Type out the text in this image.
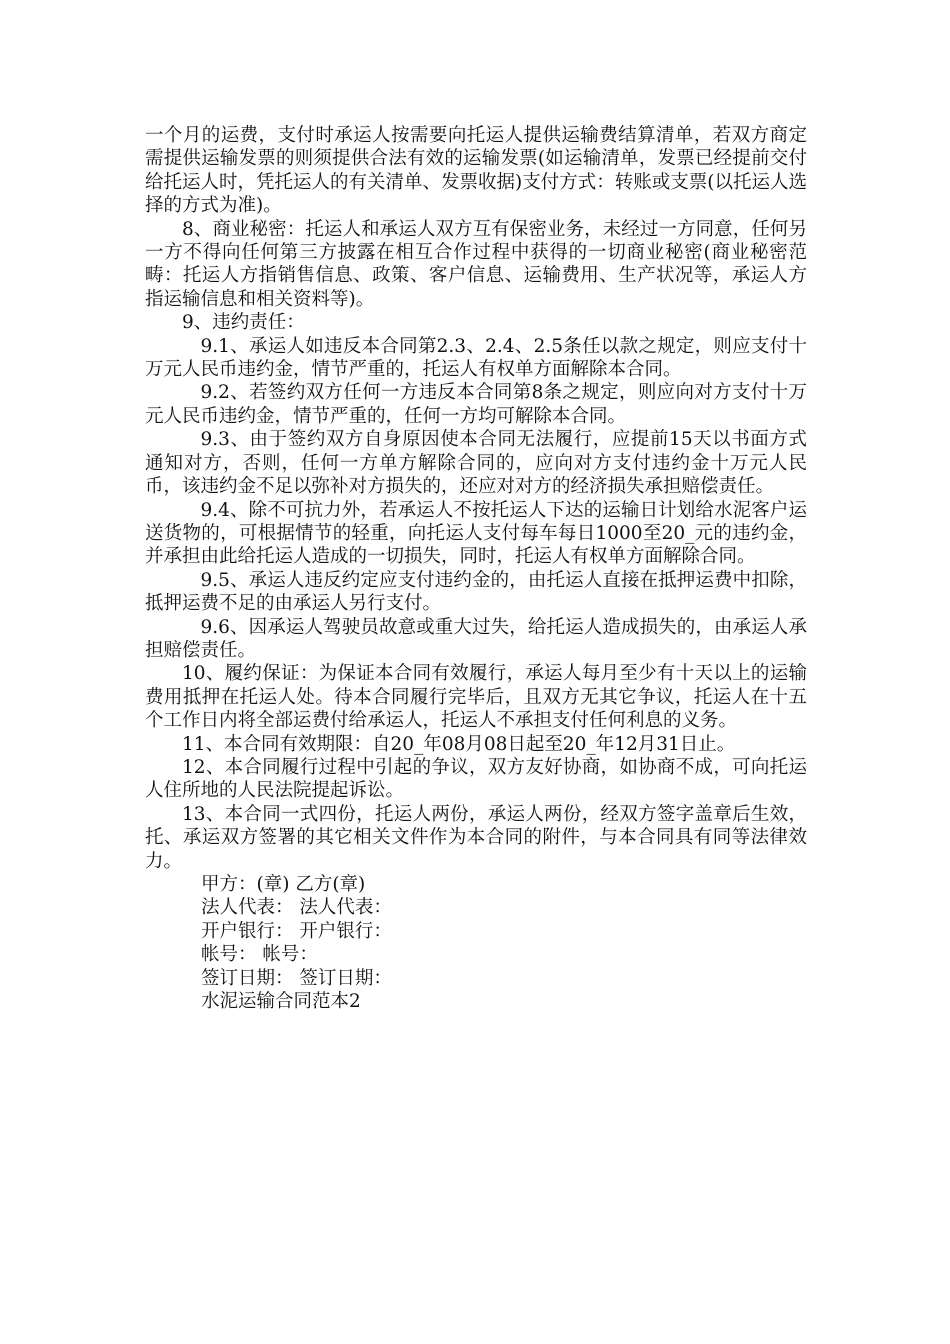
一个月的运费，支付时承运人按需要向托运人提供运输费结算清单，若双方商定需提供运输发票的则须提供合法有效的运输发票(如运输清单，发票已经提前交付给托运人时，凭托运人的有关清单、发票收据)支付方式：转账或支票(以托运人选择的方式为准)。

8、商业秘密：托运人和承运人双方互有保密业务，未经过一方同意，任何另一方不得向任何第三方披露在相互合作过程中获得的一切商业秘密(商业秘密范畴：托运人方指销售信息、政策、客户信息、运输费用、生产状况等，承运人方指运输信息和相关资料等)。

9、违约责任：

9.1、承运人如违反本合同第2.3、2.4、2.5条任以款之规定，则应支付十万元人民币违约金，情节严重的，托运人有权单方面解除本合同。

9.2、若签约双方任何一方违反本合同第8条之规定，则应向对方支付十万元人民币违约金，情节严重的，任何一方均可解除本合同。

9.3、由于签约双方自身原因使本合同无法履行，应提前15天以书面方式通知对方，否则，任何一方单方解除合同的，应向对方支付违约金十万元人民币，该违约金不足以弥补对方损失的，还应对对方的经济损失承担赔偿责任。

9.4、除不可抗力外，若承运人不按托运人下达的运输日计划给水泥客户运送货物的，可根据情节的轻重，向托运人支付每车每日1000至20_元的违约金，并承担由此给托运人造成的一切损失，同时，托运人有权单方面解除合同。

9.5、承运人违反约定应支付违约金的，由托运人直接在抵押运费中扣除，抵押运费不足的由承运人另行支付。

9.6、因承运人驾驶员故意或重大过失，给托运人造成损失的，由承运人承担赔偿责任。

10、履约保证：为保证本合同有效履行，承运人每月至少有十天以上的运输费用抵押在托运人处。待本合同履行完毕后，且双方无其它争议，托运人在十五个工作日内将全部运费付给承运人，托运人不承担支付任何利息的义务。

11、本合同有效期限：自20_年08月08日起至20_年12月31日止。

12、本合同履行过程中引起的争议，双方友好协商，如协商不成，可向托运人住所地的人民法院提起诉讼。

13、本合同一式四份，托运人两份，承运人两份，经双方签字盖章后生效，托、承运双方签署的其它相关文件作为本合同的附件，与本合同具有同等法律效力。

甲方：(章) 乙方(章)

法人代表： 法人代表：

开户银行： 开户银行：

帐号： 帐号：

签订日期： 签订日期：

水泥运输合同范本2
